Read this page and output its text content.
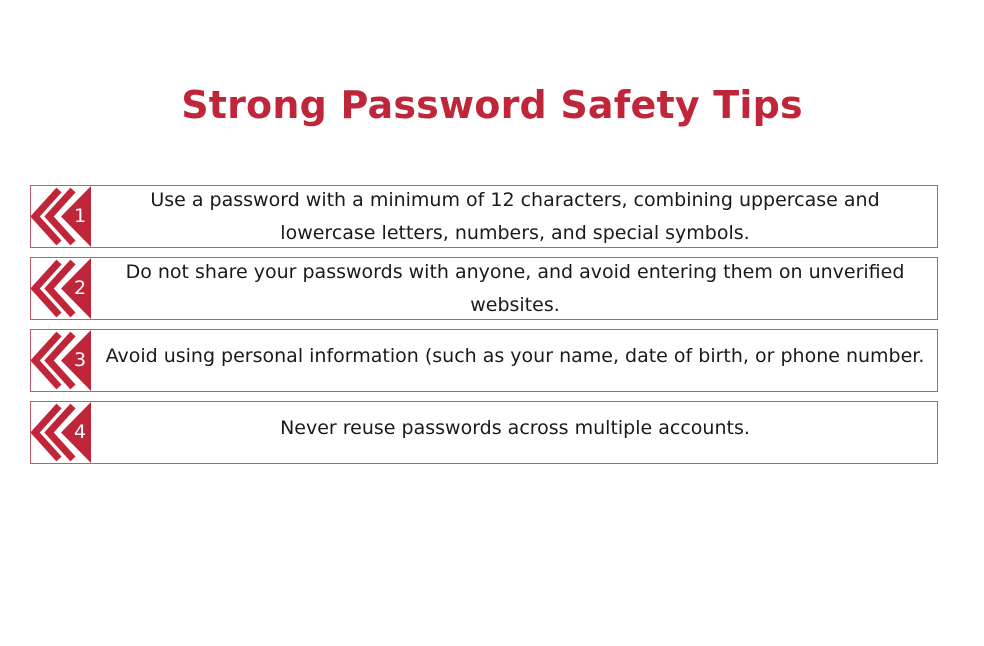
Strong Password Safety Tips
1
Use a password with a minimum of 12 characters, combining uppercase and lowercase letters, numbers, and special symbols.
2
Do not share your passwords with anyone, and avoid entering them on unverified websites.
3 Avoid using personal information (such as your name, date of birth, or phone number.
4	Never reuse passwords across multiple accounts.
